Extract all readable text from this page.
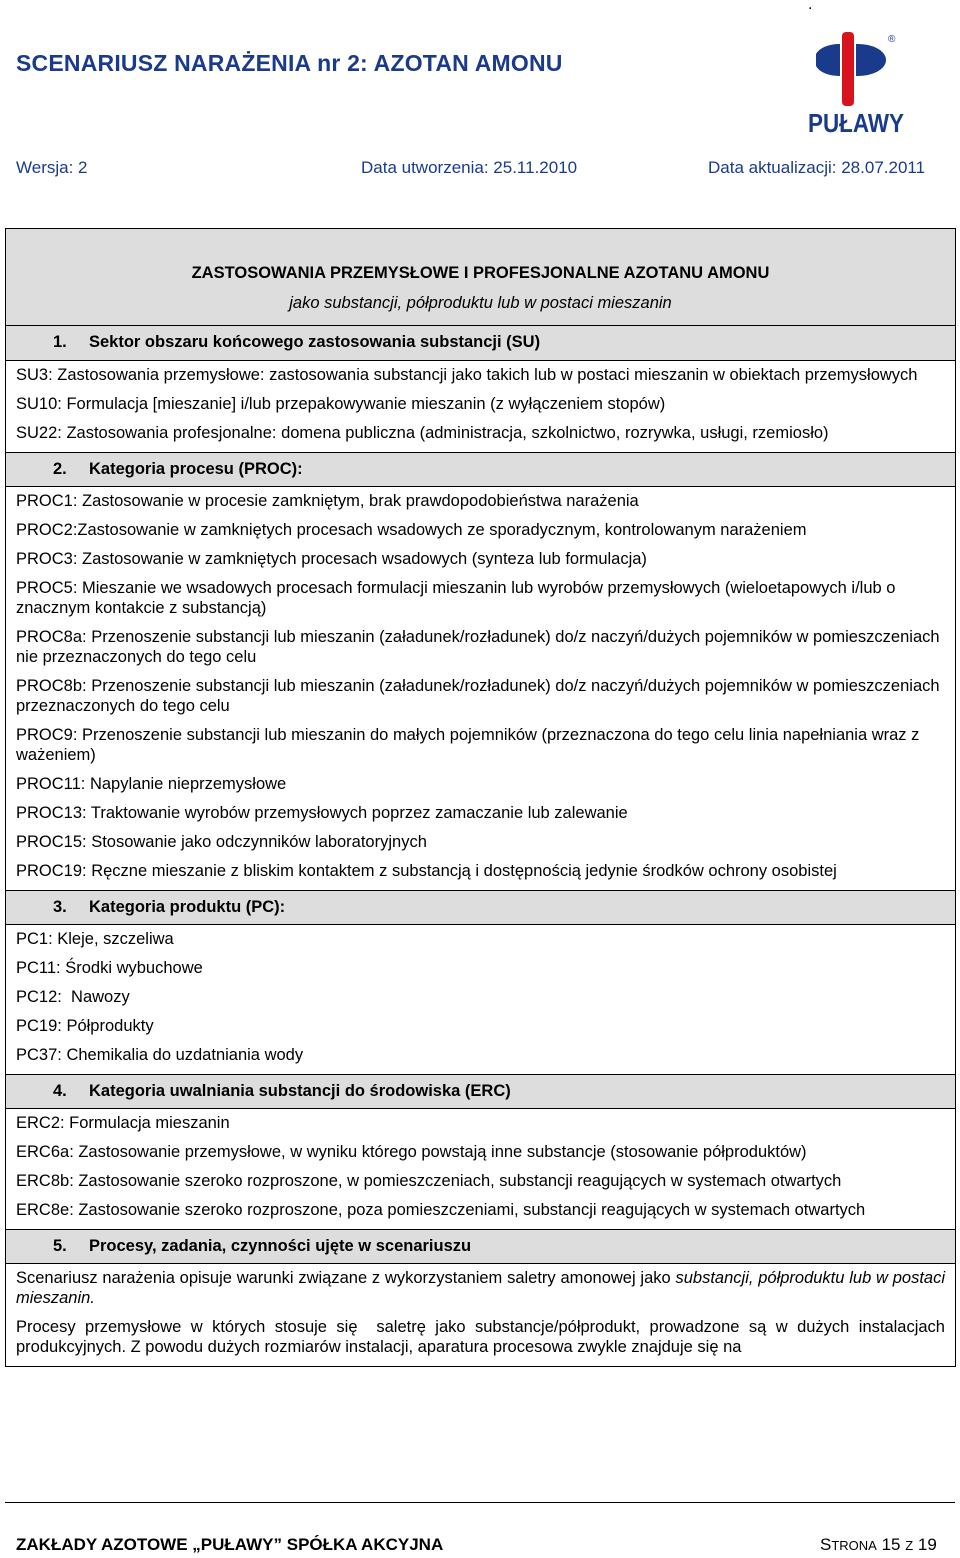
SCENARIUSZ NARAŻENIA nr 2: AZOTAN AMONU
.
®
PUŁAWY
Wersja: 2	Data utworzenia: 25.11.2010	Data aktualizacji: 28.07.2011
ZASTOSOWANIA PRZEMYSŁOWE I PROFESJONALNE AZOTANU AMONU
jako substancji, półproduktu lub w postaci mieszanin
1. Sektor obszaru końcowego zastosowania substancji (SU)
SU3: Zastosowania przemysłowe: zastosowania substancji jako takich lub w postaci mieszanin w obiektach przemysłowych
SU10: Formulacja [mieszanie] i/lub przepakowywanie mieszanin (z wyłączeniem stopów)
SU22: Zastosowania profesjonalne: domena publiczna (administracja, szkolnictwo, rozrywka, usługi, rzemiosło)
2. Kategoria procesu (PROC):
PROC1: Zastosowanie w procesie zamkniętym, brak prawdopodobieństwa narażenia
PROC2:Zastosowanie w zamkniętych procesach wsadowych ze sporadycznym, kontrolowanym narażeniem
PROC3: Zastosowanie w zamkniętych procesach wsadowych (synteza lub formulacja)
PROC5: Mieszanie we wsadowych procesach formulacji mieszanin lub wyrobów przemysłowych (wieloetapowych i/lub o znacznym kontakcie z substancją)
PROC8a: Przenoszenie substancji lub mieszanin (załadunek/rozładunek) do/z naczyń/dużych pojemników w pomieszczeniach nie przeznaczonych do tego celu
PROC8b: Przenoszenie substancji lub mieszanin (załadunek/rozładunek) do/z naczyń/dużych pojemników w pomieszczeniach przeznaczonych do tego celu
PROC9: Przenoszenie substancji lub mieszanin do małych pojemników (przeznaczona do tego celu linia napełniania wraz z ważeniem)
PROC11: Napylanie nieprzemysłowe
PROC13: Traktowanie wyrobów przemysłowych poprzez zamaczanie lub zalewanie
PROC15: Stosowanie jako odczynników laboratoryjnych
PROC19: Ręczne mieszanie z bliskim kontaktem z substancją i dostępnością jedynie środków ochrony osobistej
3. Kategoria produktu (PC):
PC1: Kleje, szczeliwa
PC11: Środki wybuchowe
PC12:  Nawozy
PC19: Półprodukty
PC37: Chemikalia do uzdatniania wody
4. Kategoria uwalniania substancji do środowiska (ERC)
ERC2: Formulacja mieszanin
ERC6a: Zastosowanie przemysłowe, w wyniku którego powstają inne substancje (stosowanie półproduktów)
ERC8b: Zastosowanie szeroko rozproszone, w pomieszczeniach, substancji reagujących w systemach otwartych
ERC8e: Zastosowanie szeroko rozproszone, poza pomieszczeniami, substancji reagujących w systemach otwartych
5. Procesy, zadania, czynności ujęte w scenariuszu
Scenariusz narażenia opisuje warunki związane z wykorzystaniem saletry amonowej jako substancji, półproduktu lub w postaci mieszanin.
Procesy przemysłowe w których stosuje się  saletrę jako substancje/półprodukt, prowadzone są w dużych instalacjach produkcyjnych. Z powodu dużych rozmiarów instalacji, aparatura procesowa zwykle znajduje się na
ZAKŁADY AZOTOWE „PUŁAWY” SPÓŁKA AKCYJNA	STRONA 15 Z 19
